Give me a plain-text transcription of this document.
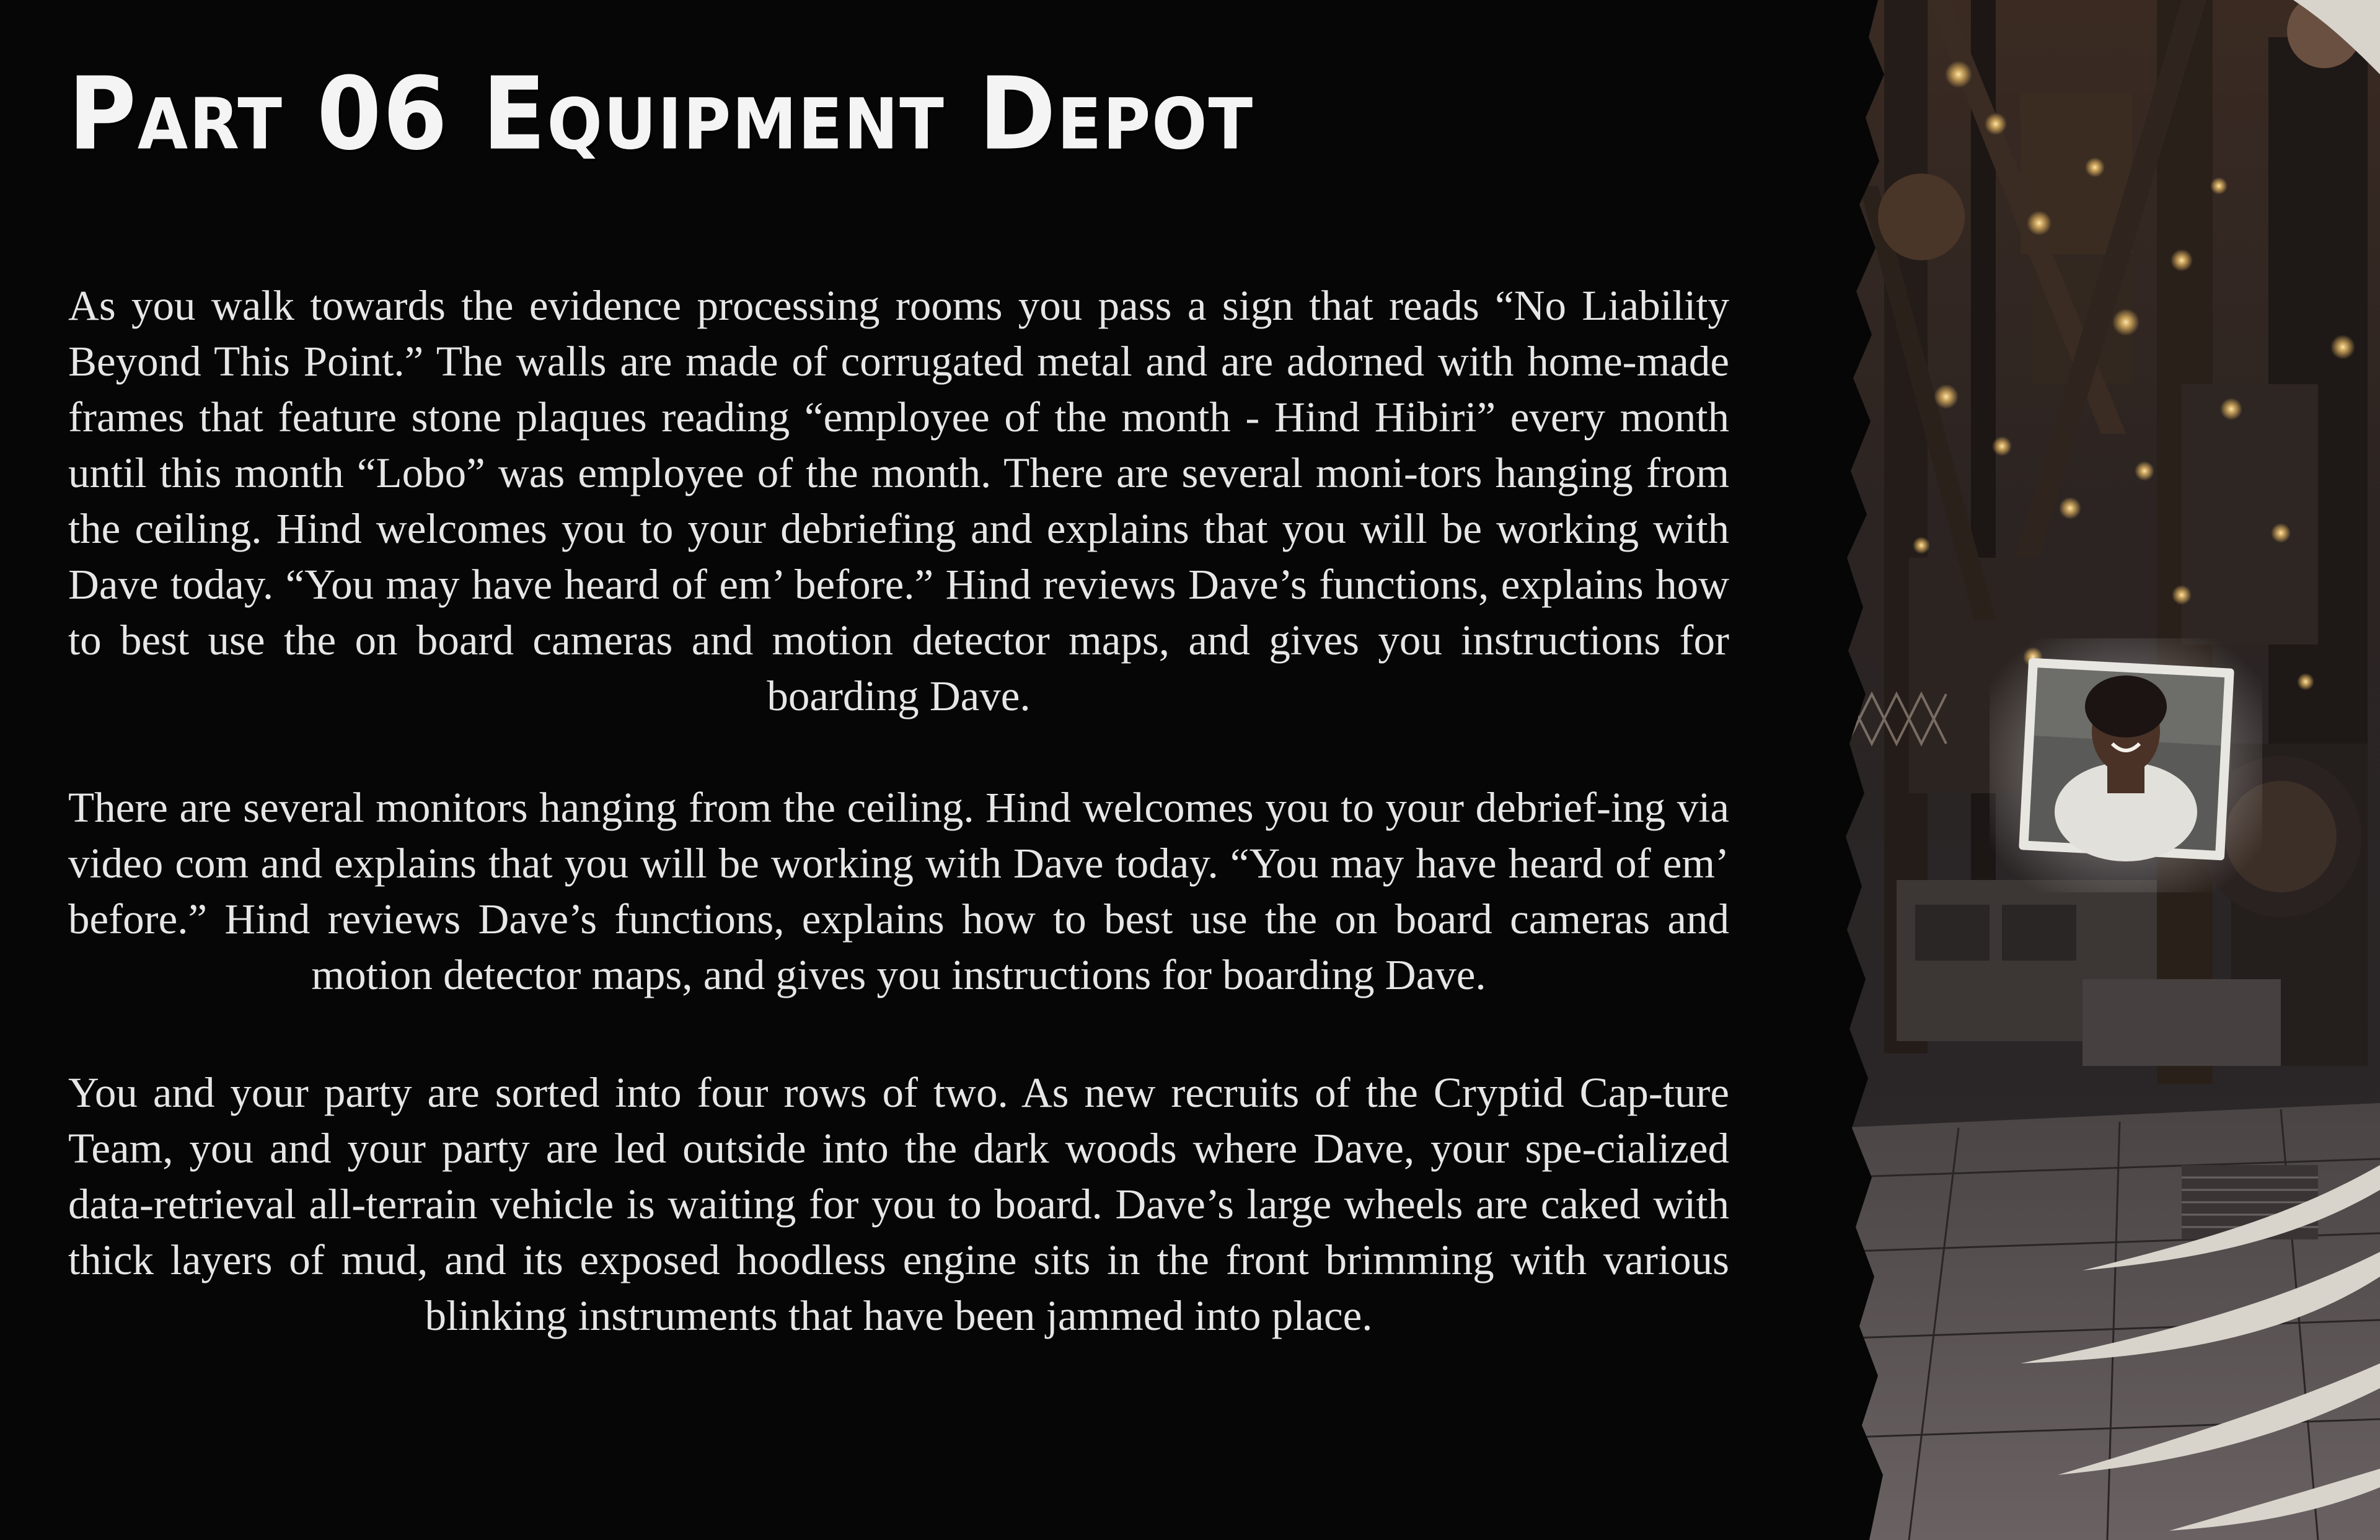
Part 06 Equipment Depot

As you walk towards the evidence processing rooms you pass a sign that reads “No Liability Beyond This Point.” The walls are made of corrugated metal and are adorned with home-made frames that feature stone plaques reading “employee of the month - Hind Hibiri” every month until this month “Lobo” was employee of the month. There are several moni-tors hanging from the ceiling. Hind welcomes you to your debriefing and explains that you will be working with Dave today. “You may have heard of em’ before.” Hind reviews Dave’s functions, explains how to best use the on board cameras and motion detector maps, and gives you instructions for boarding Dave.

There are several monitors hanging from the ceiling. Hind welcomes you to your debrief-ing via video com and explains that you will be working with Dave today. “You may have heard of em’ before.” Hind reviews Dave’s functions, explains how to best use the on board cameras and motion detector maps, and gives you instructions for boarding Dave.

You and your party are sorted into four rows of two. As new recruits of the Cryptid Cap-ture Team, you and your party are led outside into the dark woods where Dave, your spe-cialized data-retrieval all-terrain vehicle is waiting for you to board. Dave’s large wheels are caked with thick layers of mud, and its exposed hoodless engine sits in the front brimming with various blinking instruments that have been jammed into place.
